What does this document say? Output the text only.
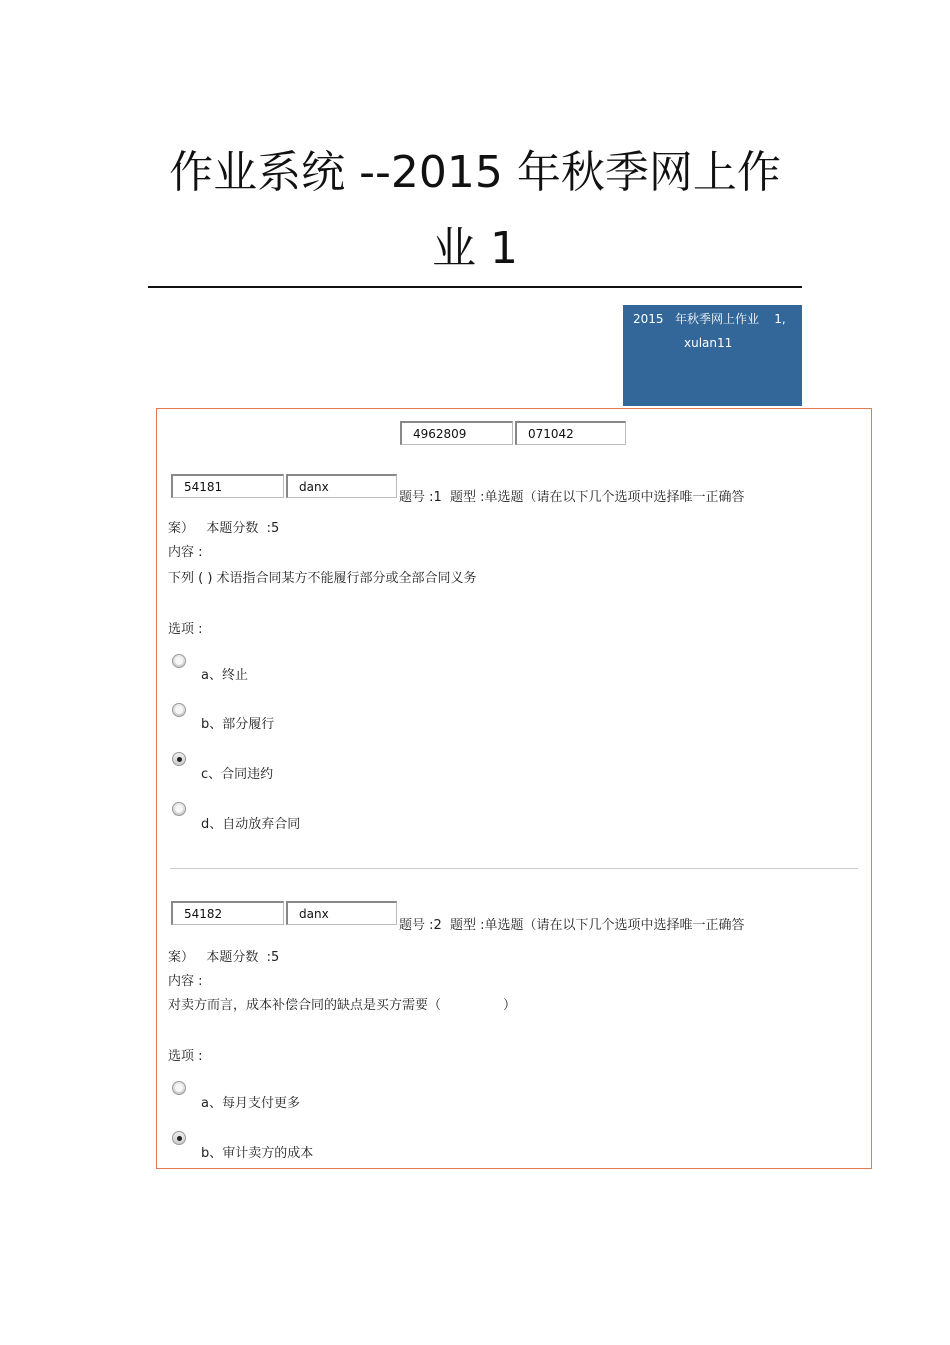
作业系统 --2015 年秋季网上作
业 1
2015   年秋季网上作业    1,
xulan11
4962809	071042
54181	danx
题号 :1  题型 :单选题（请在以下几个选项中选择唯一正确答
案）   本题分数  :5
内容 :
下列 ( ) 术语指合同某方不能履行部分或全部合同义务
选项 :
a、终止
b、部分履行
c、合同违约
d、自动放弃合同
54182	danx
题号 :2  题型 :单选题（请在以下几个选项中选择唯一正确答
案）   本题分数  :5
内容 :
对卖方而言，成本补偿合同的缺点是买方需要（               ）
选项 :
a、每月支付更多
b、审计卖方的成本
